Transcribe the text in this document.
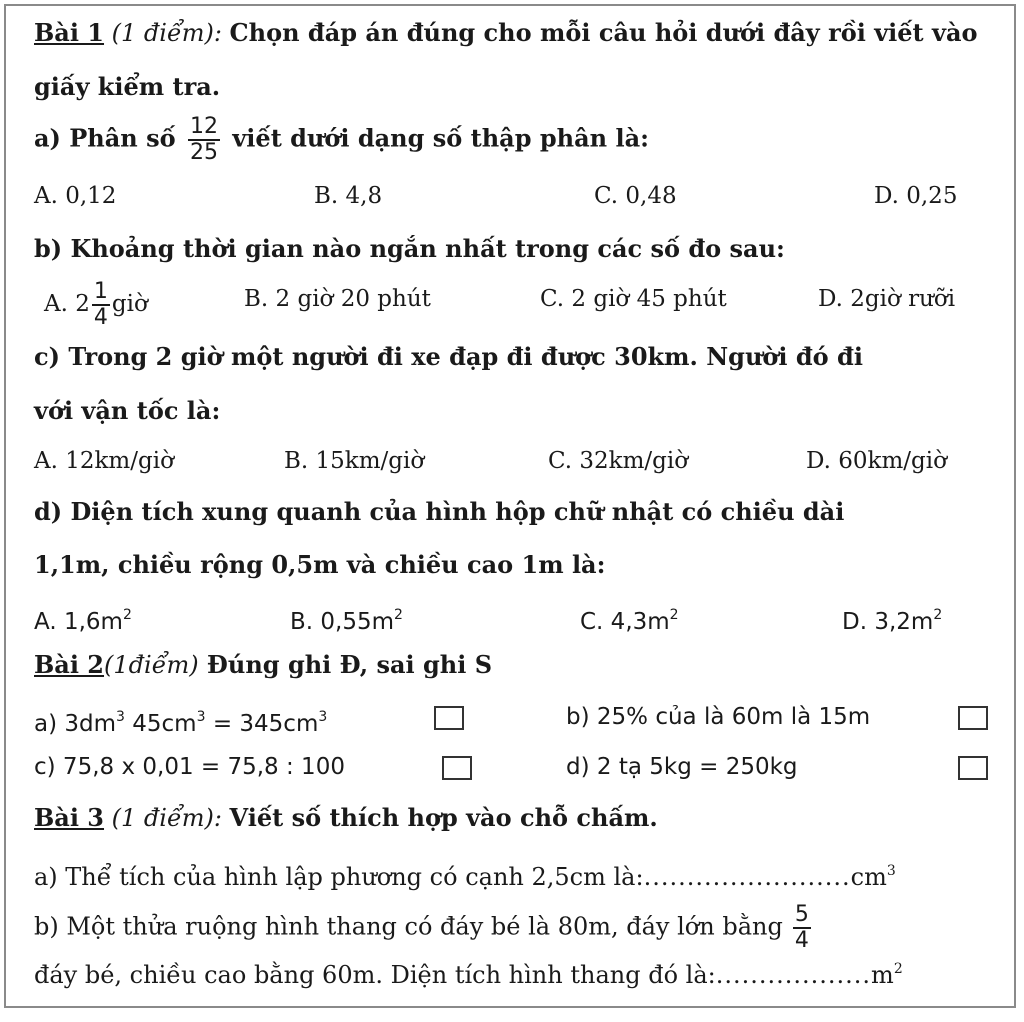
Bài 1 (1 điểm): Chọn đáp án đúng cho mỗi câu hỏi dưới đây rồi viết vào
giấy kiểm tra.
a) Phân số $\frac{12}{25}$ viết dưới dạng số thập phân là:
A. 0,12	B. 4,8	C. 0,48	D. 0,25
b) Khoảng thời gian nào ngắn nhất trong các số đo sau:
A. $2 \frac{1}{4}$ giờ	B. 2 giờ 20 phút	C. 2 giờ 45 phút	D. 2giờ rưỡi
c) Trong 2 giờ một người đi xe đạp đi được 30km. Người đó đi
với vận tốc là:
A. 12km/giờ	B. 15km/giờ	C. 32km/giờ	D. 60km/giờ
d) Diện tích xung quanh của hình hộp chữ nhật có chiều dài
1,1m, chiều rộng 0,5m và chiều cao 1m là:
A. $1,6m^2$	B. $0,55m^2$	C. $4,3m^2$	D. $3,2m^2$
Bài 2(1điểm) Đúng ghi Đ, sai ghi S
a) $3dm^3$ $45cm^3 = 345cm^3$	b) 25% của là 60m là 15m
c) 75,8 x 0,01 = 75,8 : 100	d) 2 tạ 5kg = 250kg
Bài 3 (1 điểm): Viết số thích hợp vào chỗ chấm.
a) Thể tích của hình lập phương có cạnh 2,5cm $là:........................cm^3$
b) Một thửa ruộng hình thang có đáy bé là 80m, đáy lớn bằng $\frac{5}{4}$
đáy bé, chiều cao bằng 60m. Diện tích hình thang đó $là:..................m^2$
